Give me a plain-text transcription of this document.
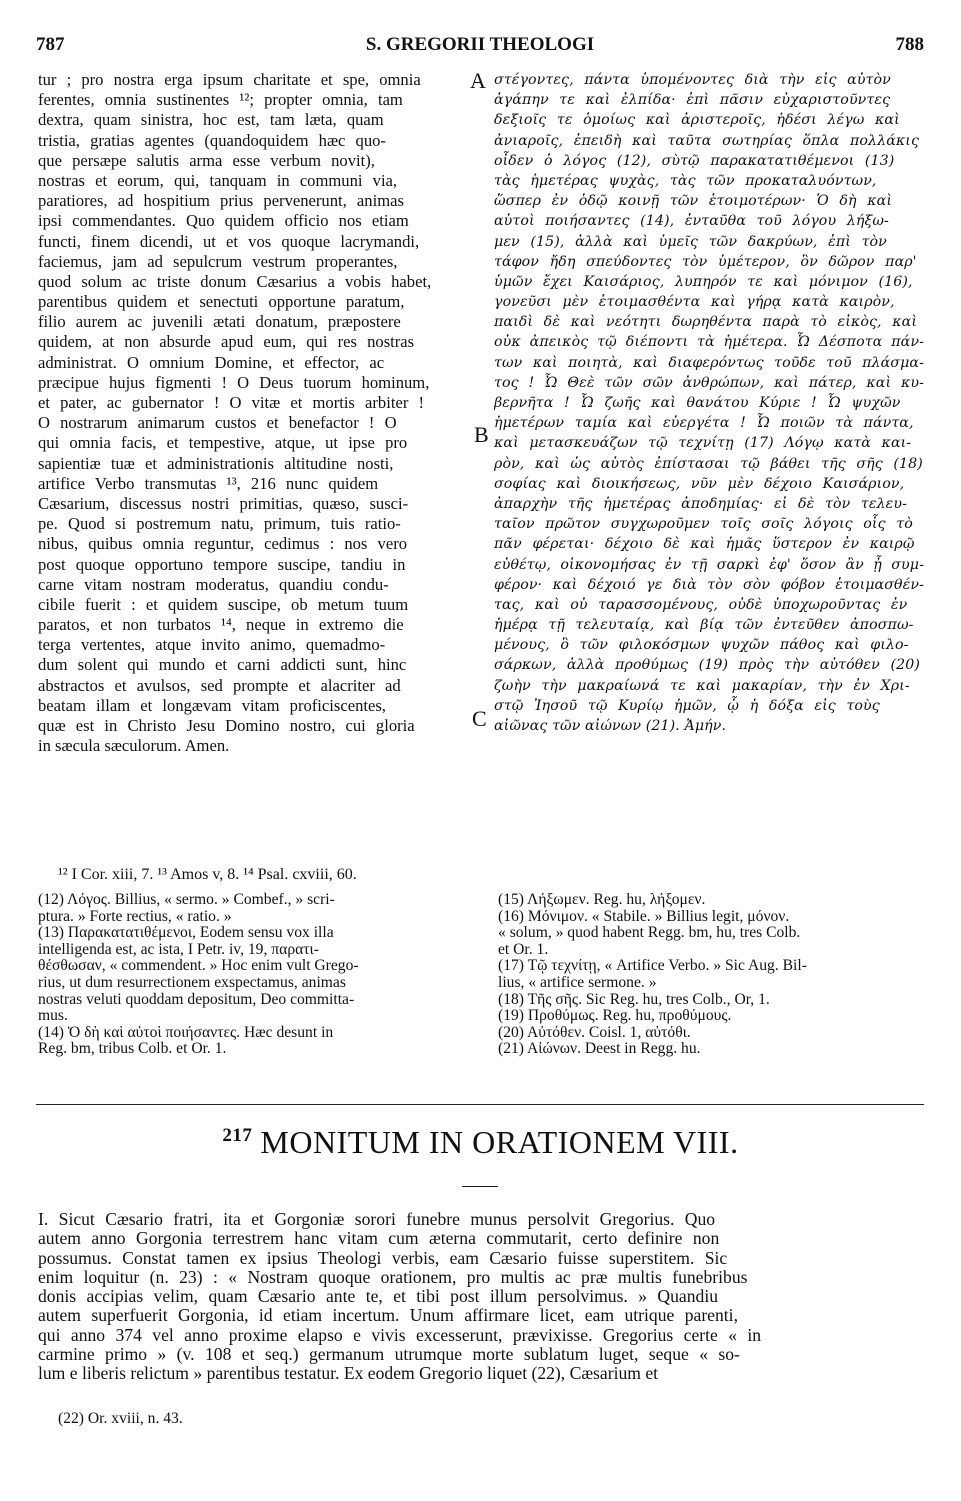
787	S. GREGORII THEOLOGI	788
tur ; pro nostra erga ipsum charitate et spe, omnia
ferentes, omnia sustinentes ¹²; propter omnia, tam
dextra, quam sinistra, hoc est, tam læta, quam
tristia, gratias agentes (quandoquidem hæc quo-
que persæpe salutis arma esse verbum novit),
nostras et eorum, qui, tanquam in communi via,
paratiores, ad hospitium prius pervenerunt, animas
ipsi commendantes. Quo quidem officio nos etiam
functi, finem dicendi, ut et vos quoque lacrymandi,
faciemus, jam ad sepulcrum vestrum properantes,
quod solum ac triste donum Cæsarius a vobis habet,
parentibus quidem et senectuti opportune paratum,
filio aurem ac juvenili ætati donatum, præpostere
quidem, at non absurde apud eum, qui res nostras
administrat. O omnium Domine, et effector, ac
præcipue hujus figmenti ! O Deus tuorum hominum,
et pater, ac gubernator ! O vitæ et mortis arbiter !
O nostrarum animarum custos et benefactor ! O
qui omnia facis, et tempestive, atque, ut ipse pro
sapientiæ tuæ et administrationis altitudine nosti,
artifice Verbo transmutas ¹³, 216 nunc quidem
Cæsarium, discessus nostri primitias, quæso, susci-
pe. Quod si postremum natu, primum, tuis ratio-
nibus, quibus omnia reguntur, cedimus : nos vero
post quoque opportuno tempore suscipe, tandiu in
carne vitam nostram moderatus, quandiu condu-
cibile fuerit : et quidem suscipe, ob metum tuum
paratos, et non turbatos ¹⁴, neque in extremo die
terga vertentes, atque invito animo, quemadmo-
dum solent qui mundo et carni addicti sunt, hinc
abstractos et avulsos, sed prompte et alacriter ad
beatam illam et longævam vitam proficiscentes,
quæ est in Christo Jesu Domino nostro, cui gloria
in sæcula sæculorum. Amen.
στέγοντες, πάντα ὑπομένοντες διὰ τὴν εἰς αὐτὸν
ἀγάπην τε καὶ ἐλπίδα· ἐπὶ πᾶσιν εὐχαριστοῦντες
δεξιοῖς τε ὁμοίως καὶ ἀριστεροῖς, ἡδέσι λέγω καὶ
ἀνιαροῖς, ἐπειδὴ καὶ ταῦτα σωτηρίας ὅπλα πολλάκις
οἶδεν ὁ λόγος (12), σὺτῷ παρακατατιθέμενοι (13)
τὰς ἡμετέρας ψυχὰς, τὰς τῶν προκαταλυόντων,
ὥσπερ ἐν ὁδῷ κοινῇ τῶν ἑτοιμοτέρων· Ὁ δὴ καὶ
αὐτοὶ ποιήσαντες (14), ἐνταῦθα τοῦ λόγου λήξω-
μεν (15), ἀλλὰ καὶ ὑμεῖς τῶν δακρύων, ἐπὶ τὸν
τάφον ἤδη σπεύδοντες τὸν ὑμέτερον, ὃν δῶρον παρ'
ὑμῶν ἔχει Καισάριος, λυπηρόν τε καὶ μόνιμον (16),
γονεῦσι μὲν ἑτοιμασθέντα καὶ γήρᾳ κατὰ καιρὸν,
παιδὶ δὲ καὶ νεότητι δωρηθέντα παρὰ τὸ εἰκὸς, καὶ
οὐκ ἀπεικὸς τῷ διέποντι τὰ ἡμέτερα. Ὦ Δέσποτα πάν-
των καὶ ποιητὰ, καὶ διαφερόντως τοῦδε τοῦ πλάσμα-
τος ! Ὦ Θεὲ τῶν σῶν ἀνθρώπων, καὶ πάτερ, καὶ κυ-
βερνῆτα ! Ὦ ζωῆς καὶ θανάτου Κύριε ! Ὦ ψυχῶν
ἡμετέρων ταμία καὶ εὐεργέτα ! Ὦ ποιῶν τὰ πάντα,
καὶ μετασκευάζων τῷ τεχνίτῃ (17) Λόγῳ κατὰ και-
ρὸν, καὶ ὡς αὐτὸς ἐπίστασαι τῷ βάθει τῆς σῆς (18)
σοφίας καὶ διοικήσεως, νῦν μὲν δέχοιο Καισάριον,
ἀπαρχὴν τῆς ἡμετέρας ἀποδημίας· εἰ δὲ τὸν τελευ-
ταῖον πρῶτον συγχωροῦμεν τοῖς σοῖς λόγοις οἷς τὸ
πᾶν φέρεται· δέχοιο δὲ καὶ ἡμᾶς ὕστερον ἐν καιρῷ
εὐθέτῳ, οἰκονομήσας ἐν τῇ σαρκὶ ἐφ' ὅσον ἂν ᾖ συμ-
φέρον· καὶ δέχοιό γε διὰ τὸν σὸν φόβον ἑτοιμασθέν-
τας, καὶ οὐ ταρασσομένους, οὐδὲ ὑποχωροῦντας ἐν
ἡμέρᾳ τῇ τελευταίᾳ, καὶ βίᾳ τῶν ἐντεῦθεν ἀποσπω-
μένους, ὃ τῶν φιλοκόσμων ψυχῶν πάθος καὶ φιλο-
σάρκων, ἀλλὰ προθύμως (19) πρὸς τὴν αὐτόθεν (20)
ζωὴν τὴν μακραίωνά τε καὶ μακαρίαν, τὴν ἐν Χρι-
στῷ Ἰησοῦ τῷ Κυρίῳ ἡμῶν, ᾧ ἡ δόξα εἰς τοὺς
αἰῶνας τῶν αἰώνων (21). Ἀμήν.
A
B
C
¹² I Cor. xiii, 7. ¹³ Amos v, 8. ¹⁴ Psal. cxviii, 60.
(12) Λόγος. Billius, « sermo. » Combef., » scri-
ptura. » Forte rectius, « ratio. »
(13) Παρακατατιθέμενοι, Eodem sensu vox illa
intelligenda est, ac ista, I Petr. iv, 19, παρατι-
θέσθωσαν, « commendent. » Hoc enim vult Grego-
rius, ut dum resurrectionem exspectamus, animas
nostras veluti quoddam depositum, Deo committa-
mus.
(14) Ὁ δὴ καὶ αὐτοὶ ποιήσαντες. Hæc desunt in
Reg. bm, tribus Colb. et Or. 1.
(15) Λήξωμεν. Reg. hu, λήξομεν.
(16) Μόνιμον. « Stabile. » Billius legit, μόνον.
« solum, » quod habent Regg. bm, hu, tres Colb.
et Or. 1.
(17) Τῷ τεχνίτῃ, « Artifice Verbo. » Sic Aug. Bil-
lius, « artifice sermone. »
(18) Τῆς σῆς. Sic Reg. hu, tres Colb., Or, 1.
(19) Προθύμως. Reg. hu, προθύμους.
(20) Αὐτόθεν. Coisl. 1, αὐτόθι.
(21) Αἰώνων. Deest in Regg. hu.
$^{217}$ MONITUM IN ORATIONEM VIII.
I. Sicut Cæsario fratri, ita et Gorgoniæ sorori funebre munus persolvit Gregorius. Quo
autem anno Gorgonia terrestrem hanc vitam cum æterna commutarit, certo definire non
possumus. Constat tamen ex ipsius Theologi verbis, eam Cæsario fuisse superstitem. Sic
enim loquitur (n. 23) : « Nostram quoque orationem, pro multis ac præ multis funebribus
donis accipias velim, quam Cæsario ante te, et tibi post illum persolvimus. » Quandiu
autem superfuerit Gorgonia, id etiam incertum. Unum affirmare licet, eam utrique parenti,
qui anno 374 vel anno proxime elapso e vivis excesserunt, prævixisse. Gregorius certe « in
carmine primo » (v. 108 et seq.) germanum utrumque morte sublatum luget, seque « so-
lum e liberis relictum » parentibus testatur. Ex eodem Gregorio liquet (22), Cæsarium et
(22) Or. xviii, n. 43.
